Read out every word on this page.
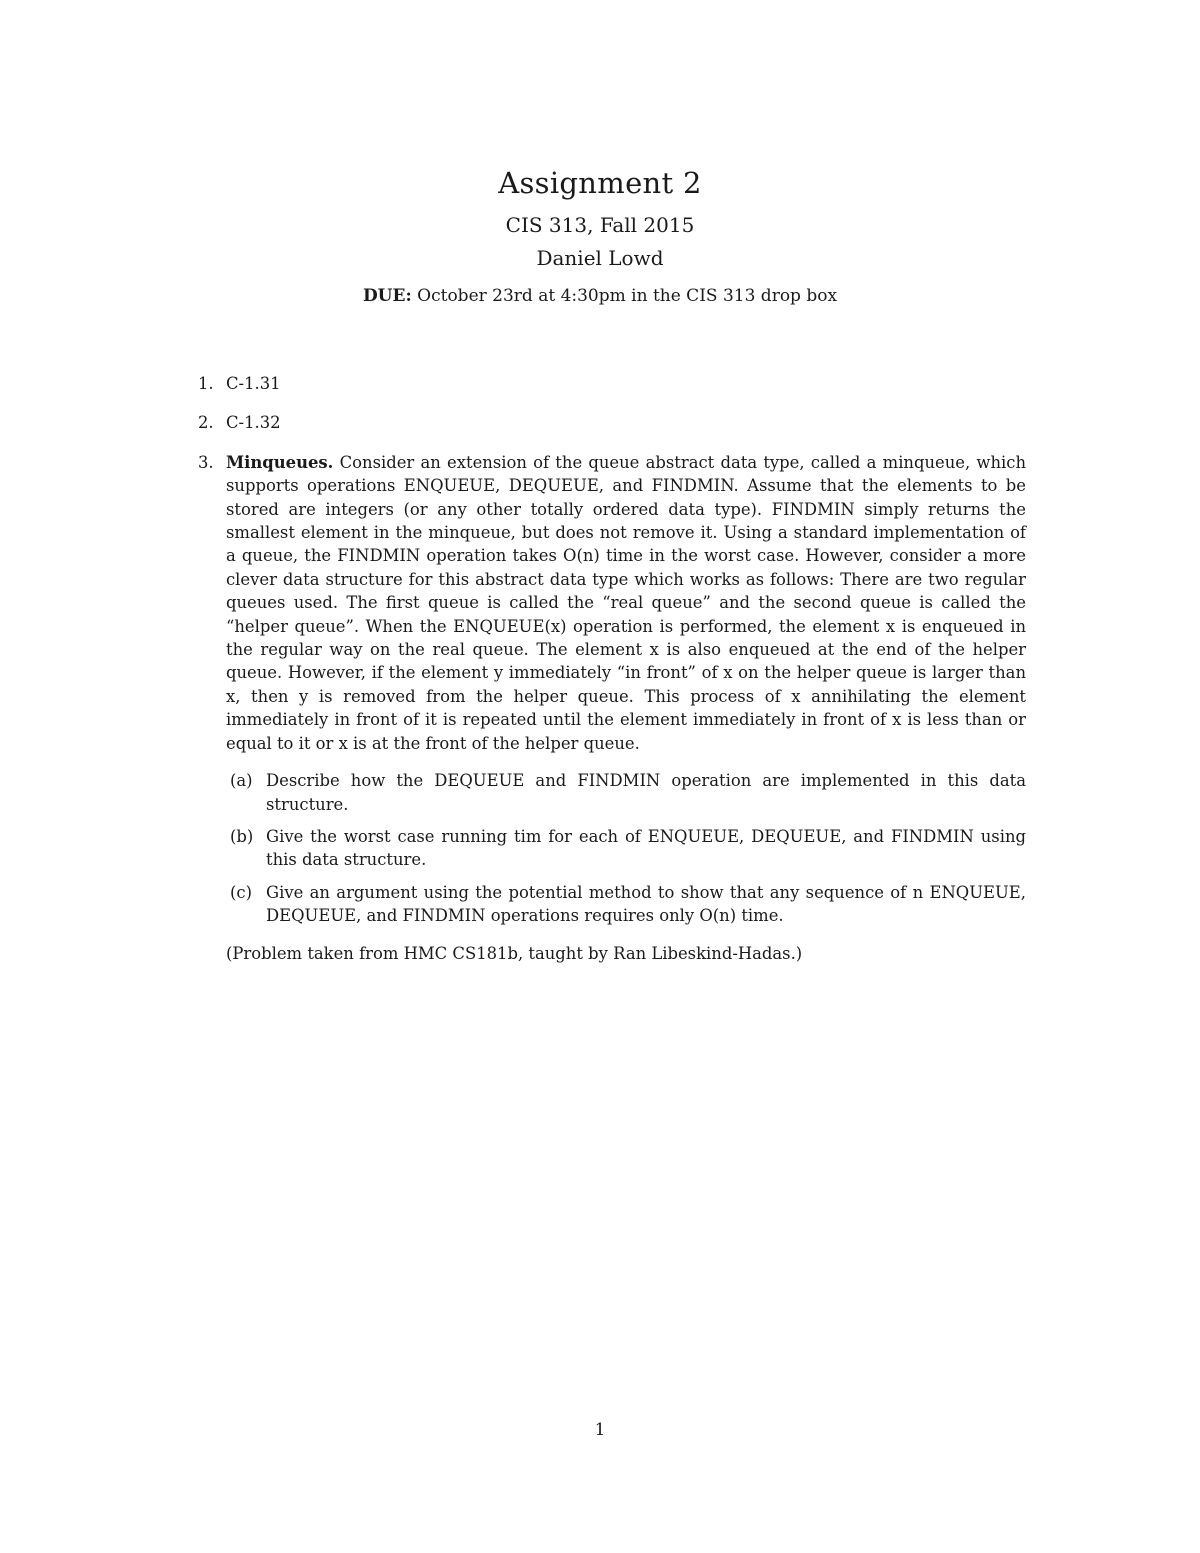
Assignment 2
CIS 313, Fall 2015
Daniel Lowd
DUE: October 23rd at 4:30pm in the CIS 313 drop box
1. C-1.31
2. C-1.32
3. Minqueues. Consider an extension of the queue abstract data type, called a minqueue, which supports operations ENQUEUE, DEQUEUE, and FINDMIN. Assume that the elements to be stored are integers (or any other totally ordered data type). FINDMIN simply returns the smallest element in the minqueue, but does not remove it. Using a standard implementation of a queue, the FINDMIN operation takes O(n) time in the worst case. However, consider a more clever data structure for this abstract data type which works as follows: There are two regular queues used. The first queue is called the “real queue” and the second queue is called the “helper queue”. When the ENQUEUE(x) operation is performed, the element x is enqueued in the regular way on the real queue. The element x is also enqueued at the end of the helper queue. However, if the element y immediately “in front” of x on the helper queue is larger than x, then y is removed from the helper queue. This process of x annihilating the element immediately in front of it is repeated until the element immediately in front of x is less than or equal to it or x is at the front of the helper queue.
(a) Describe how the DEQUEUE and FINDMIN operation are implemented in this data structure.
(b) Give the worst case running tim for each of ENQUEUE, DEQUEUE, and FINDMIN using this data structure.
(c) Give an argument using the potential method to show that any sequence of n ENQUEUE, DEQUEUE, and FINDMIN operations requires only O(n) time.
(Problem taken from HMC CS181b, taught by Ran Libeskind-Hadas.)
1
